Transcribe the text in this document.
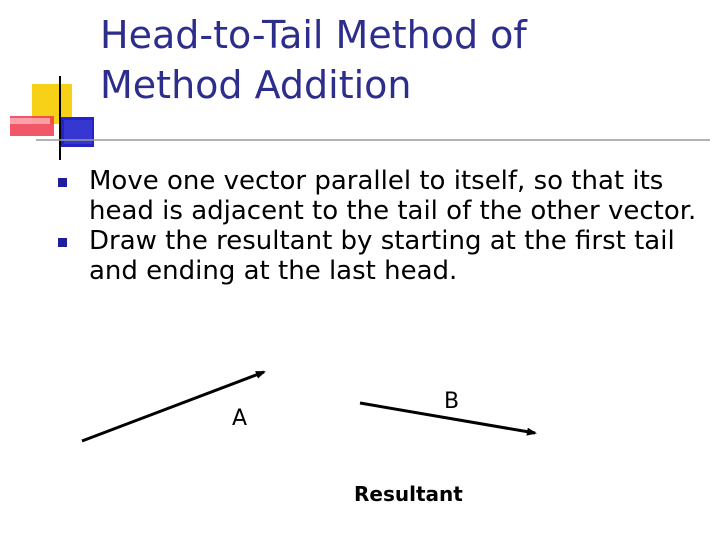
Head-to-Tail Method of
Method Addition
Move one vector parallel to itself, so that its head is adjacent to the tail of the other vector.
Draw the resultant by starting at the first tail and ending at the last head.
A
B
Resultant
